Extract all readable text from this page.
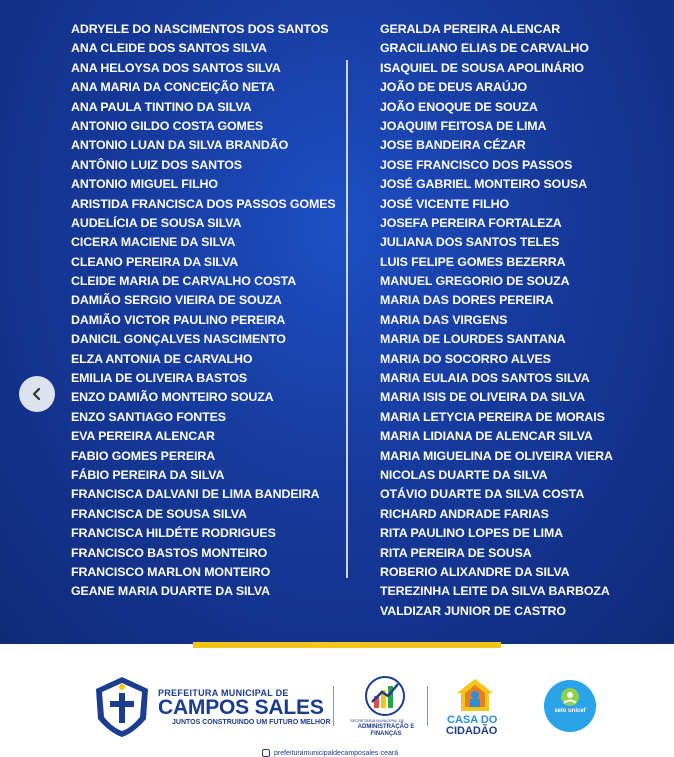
ADRYELE DO NASCIMENTOS DOS SANTOS
ANA CLEIDE DOS SANTOS SILVA
ANA HELOYSA DOS SANTOS SILVA
ANA MARIA DA CONCEIÇÃO NETA
ANA PAULA TINTINO DA SILVA
ANTONIO GILDO COSTA GOMES
ANTONIO LUAN DA SILVA BRANDÃO
ANTÔNIO LUIZ DOS SANTOS
ANTONIO MIGUEL FILHO
ARISTIDA FRANCISCA DOS PASSOS GOMES
AUDELÍCIA DE SOUSA SILVA
CICERA MACIENE DA SILVA
CLEANO PEREIRA DA SILVA
CLEIDE MARIA DE CARVALHO COSTA
DAMIÃO SERGIO VIEIRA DE SOUZA
DAMIÃO VICTOR PAULINO PEREIRA
DANICIL GONÇALVES NASCIMENTO
ELZA ANTONIA DE CARVALHO
EMILIA DE OLIVEIRA BASTOS
ENZO DAMIÃO MONTEIRO SOUZA
ENZO SANTIAGO FONTES
EVA PEREIRA ALENCAR
FABIO GOMES PEREIRA
FÁBIO PEREIRA DA SILVA
FRANCISCA DALVANI DE LIMA BANDEIRA
FRANCISCA DE SOUSA SILVA
FRANCISCA HILDÉTE RODRIGUES
FRANCISCO BASTOS MONTEIRO
FRANCISCO MARLON MONTEIRO
GEANE MARIA DUARTE DA SILVA
GERALDA PEREIRA ALENCAR
GRACILIANO ELIAS DE CARVALHO
ISAQUIEL DE SOUSA APOLINÁRIO
JOÃO DE DEUS ARAÚJO
JOÃO ENOQUE DE SOUZA
JOAQUIM FEITOSA DE LIMA
JOSE BANDEIRA CÉZAR
JOSE FRANCISCO DOS PASSOS
JOSÉ GABRIEL MONTEIRO SOUSA
JOSÉ VICENTE FILHO
JOSEFA PEREIRA FORTALEZA
JULIANA DOS SANTOS TELES
LUIS FELIPE GOMES BEZERRA
MANUEL GREGORIO DE SOUZA
MARIA DAS DORES PEREIRA
MARIA DAS VIRGENS
MARIA DE LOURDES SANTANA
MARIA DO SOCORRO ALVES
MARIA EULAIA DOS SANTOS SILVA
MARIA ISIS DE OLIVEIRA DA SILVA
MARIA LETYCIA PEREIRA DE MORAIS
MARIA LIDIANA DE ALENCAR SILVA
MARIA MIGUELINA DE OLIVEIRA VIERA
NICOLAS DUARTE DA SILVA
OTÁVIO DUARTE DA SILVA COSTA
RICHARD ANDRADE FARIAS
RITA PAULINO LOPES DE LIMA
RITA PEREIRA DE SOUSA
ROBERIO ALIXANDRE DA SILVA
TEREZINHA LEITE DA SILVA BARBOZA
VALDIZAR JUNIOR DE CASTRO
PREFEITURA MUNICIPAL DE
CAMPOS SALES
JUNTOS CONSTRUINDO UM FUTURO MELHOR	SECRETARIA MUNICIPAL DE
ADMINISTRAÇÃO E FINANÇAS
CASA DO
CIDADÃO
selo unicef
prefeituramunicipaldecamposales·ceará
